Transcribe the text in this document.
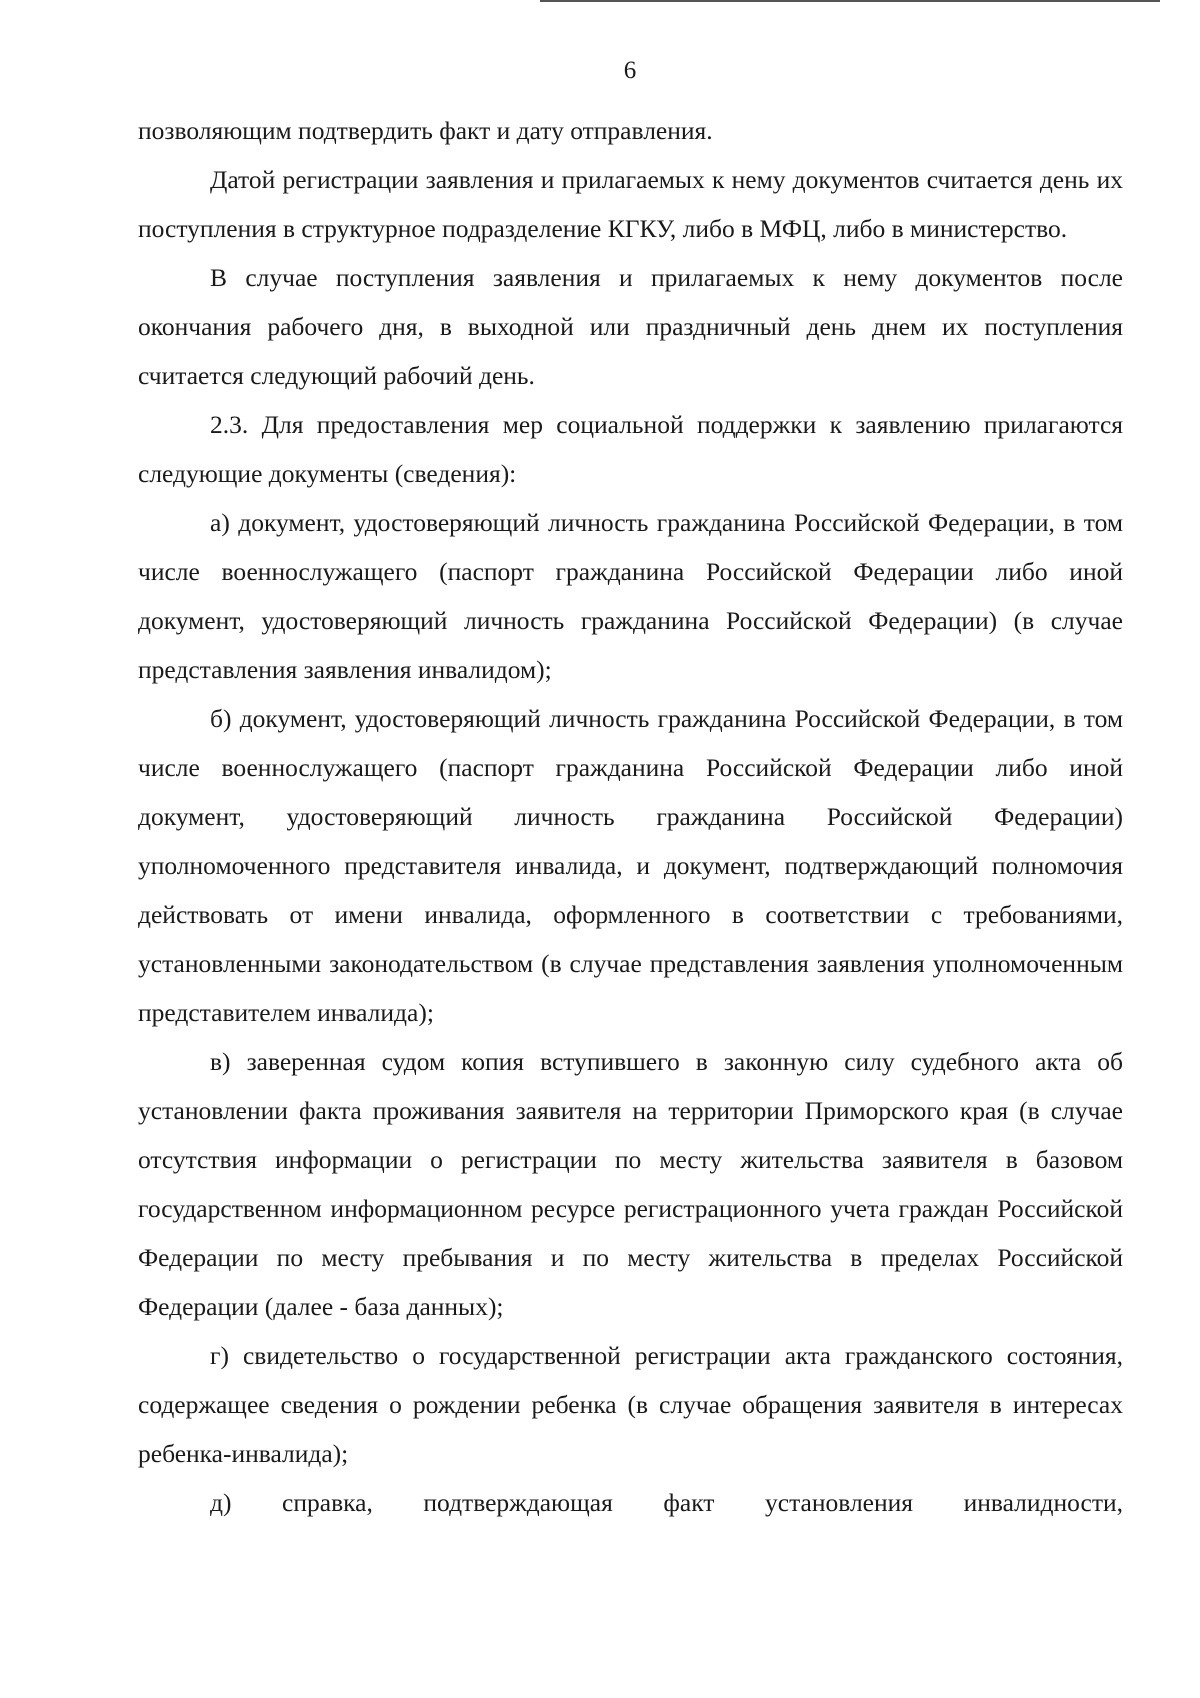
6

позволяющим подтвердить факт и дату отправления.

Датой регистрации заявления и прилагаемых к нему документов считается день их поступления в структурное подразделение КГКУ, либо в МФЦ, либо в министерство.

В случае поступления заявления и прилагаемых к нему документов после окончания рабочего дня, в выходной или праздничный день днем их поступления считается следующий рабочий день.

2.3. Для предоставления мер социальной поддержки к заявлению прилагаются следующие документы (сведения):

а) документ, удостоверяющий личность гражданина Российской Федерации, в том числе военнослужащего (паспорт гражданина Российской Федерации либо иной документ, удостоверяющий личность гражданина Российской Федерации) (в случае представления заявления инвалидом);

б) документ, удостоверяющий личность гражданина Российской Федерации, в том числе военнослужащего (паспорт гражданина Российской Федерации либо иной документ, удостоверяющий личность гражданина Российской Федерации) уполномоченного представителя инвалида, и документ, подтверждающий полномочия действовать от имени инвалида, оформленного в соответствии с требованиями, установленными законодательством (в случае представления заявления уполномоченным представителем инвалида);

в) заверенная судом копия вступившего в законную силу судебного акта об установлении факта проживания заявителя на территории Приморского края (в случае отсутствия информации о регистрации по месту жительства заявителя в базовом государственном информационном ресурсе регистрационного учета граждан Российской Федерации по месту пребывания и по месту жительства в пределах Российской Федерации (далее - база данных);

г) свидетельство о государственной регистрации акта гражданского состояния, содержащее сведения о рождении ребенка (в случае обращения заявителя в интересах ребенка-инвалида);

д) справка, подтверждающая факт установления инвалидности,
